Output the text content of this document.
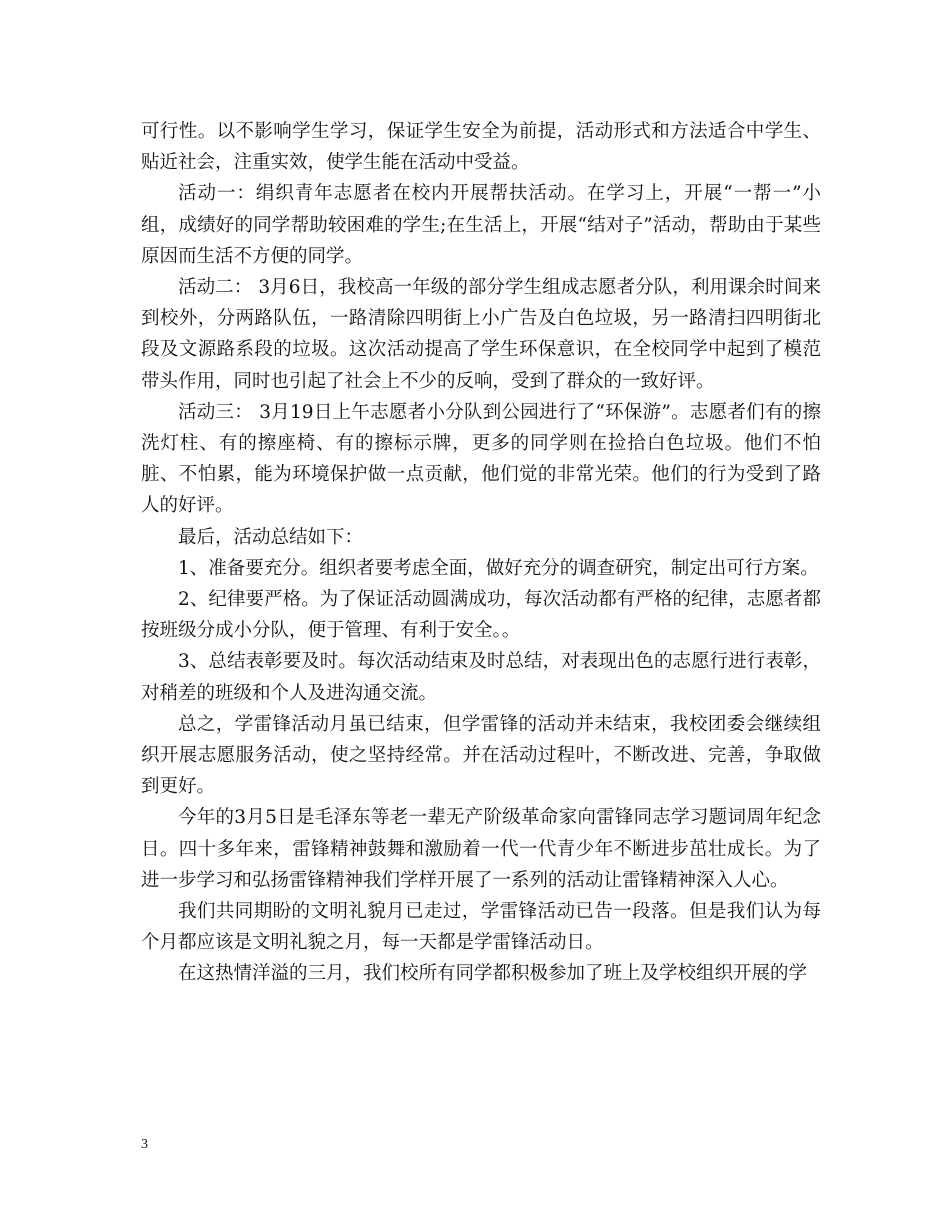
可行性。以不影响学生学习，保证学生安全为前提，活动形式和方法适合中学生、贴近社会，注重实效，使学生能在活动中受益。

活动一：绢织青年志愿者在校内开展帮扶活动。在学习上，开展“一帮一”小组，成绩好的同学帮助较困难的学生;在生活上，开展“结对子”活动，帮助由于某些原因而生活不方便的同学。

活动二： 3月6日，我校高一年级的部分学生组成志愿者分队，利用课余时间来到校外，分两路队伍，一路清除四明街上小广告及白色垃圾，另一路清扫四明街北段及文源路系段的垃圾。这次活动提高了学生环保意识，在全校同学中起到了模范带头作用，同时也引起了社会上不少的反响，受到了群众的一致好评。

活动三： 3月19日上午志愿者小分队到公园进行了“环保游”。志愿者们有的擦洗灯柱、有的擦座椅、有的擦标示牌，更多的同学则在捡拾白色垃圾。他们不怕脏、不怕累，能为环境保护做一点贡献，他们觉的非常光荣。他们的行为受到了路人的好评。

最后，活动总结如下：

1、准备要充分。组织者要考虑全面，做好充分的调查研究，制定出可行方案。

2、纪律要严格。为了保证活动圆满成功，每次活动都有严格的纪律，志愿者都按班级分成小分队，便于管理、有利于安全。。

3、总结表彰要及时。每次活动结束及时总结，对表现出色的志愿行进行表彰，对稍差的班级和个人及进沟通交流。

总之，学雷锋活动月虽已结束，但学雷锋的活动并未结束，我校团委会继续组织开展志愿服务活动，使之坚持经常。并在活动过程叶，不断改进、完善，争取做到更好。

今年的3月5日是毛泽东等老一辈无产阶级革命家向雷锋同志学习题词周年纪念日。四十多年来，雷锋精神鼓舞和激励着一代一代青少年不断进步茁壮成长。为了进一步学习和弘扬雷锋精神我们学样开展了一系列的活动让雷锋精神深入人心。

我们共同期盼的文明礼貌月已走过，学雷锋活动已告一段落。但是我们认为每个月都应该是文明礼貌之月，每一天都是学雷锋活动日。

在这热情洋溢的三月，我们校所有同学都积极参加了班上及学校组织开展的学

3
